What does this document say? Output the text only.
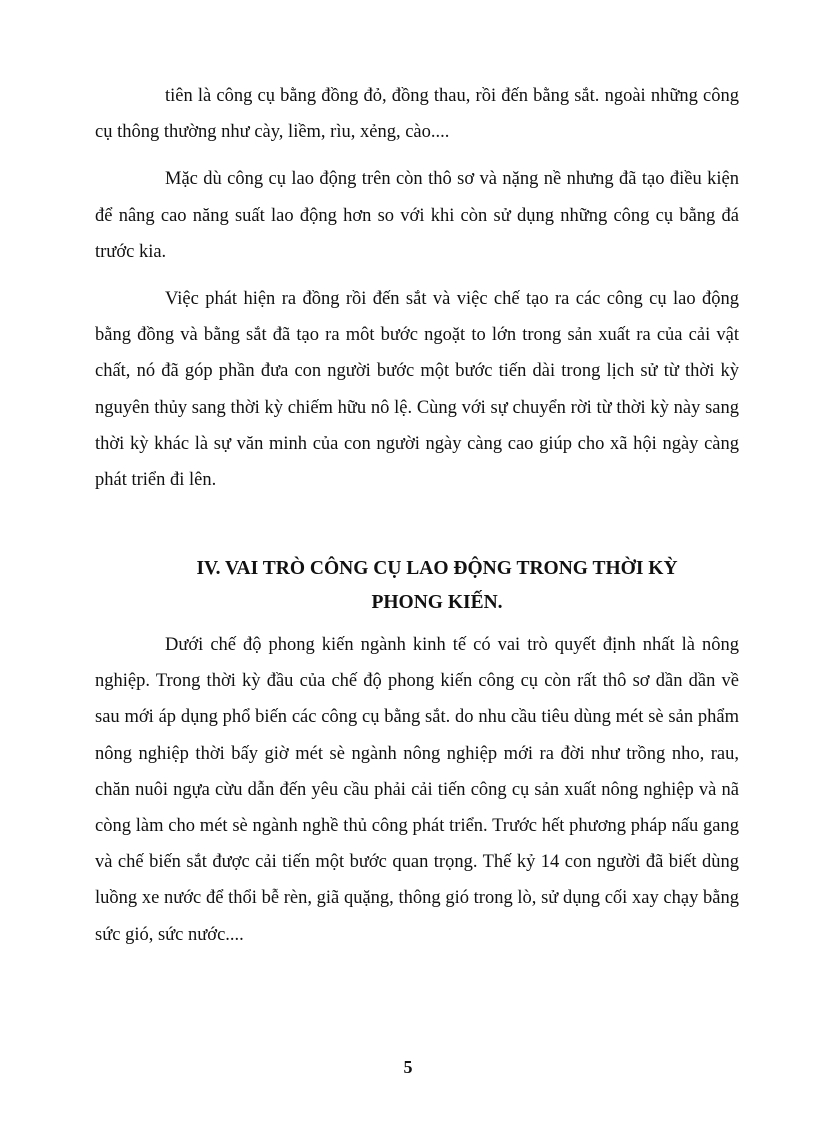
tiên là công cụ bằng đồng đỏ, đồng thau, rồi đến bằng sắt. ngoài những công cụ thông thường như cày, liềm, rìu, xẻng, cào....

Mặc dù công cụ lao động trên còn thô sơ và nặng nề nhưng đã tạo điều kiện để nâng cao năng suất lao động hơn so với khi còn sử dụng những công cụ bằng đá trước kia.

Việc phát hiện ra đồng rồi đến sắt và việc chế tạo ra các công cụ lao động bằng đồng và bằng sắt đã tạo ra môt bước ngoặt to lớn trong sản xuất ra của cải vật chất, nó đã góp phần đưa con người bước một bước tiến dài trong lịch sử từ thời kỳ nguyên thủy sang thời kỳ chiếm hữu nô lệ. Cùng với sự chuyển rời từ thời kỳ này sang thời kỳ khác là sự văn minh của con người ngày càng cao giúp cho xã hội ngày càng phát triển đi lên.

IV. VAI TRÒ CÔNG CỤ LAO ĐỘNG TRONG THỜI KỲ
PHONG KIẾN.

Dưới chế độ phong kiến ngành kinh tế có vai trò quyết định nhất là nông nghiệp. Trong thời kỳ đầu của chế độ phong kiến công cụ còn rất thô sơ dần dần về sau mới áp dụng phổ biến các công cụ bằng sắt. do nhu cầu tiêu dùng mét sè sản phẩm nông nghiệp thời bấy giờ mét sè ngành nông nghiệp mới ra đời như trồng nho, rau, chăn nuôi ngựa cừu dẫn đến yêu cầu phải cải tiến công cụ sản xuất nông nghiệp và nã còng làm cho mét sè ngành nghề thủ công phát triển. Trước hết phương pháp nấu gang và chế biến sắt được cải tiến một bước quan trọng. Thế kỷ 14 con người đã biết dùng luồng xe nước để thổi bễ rèn, giã quặng, thông gió trong lò, sử dụng cối xay chạy bằng sức gió, sức nước....

5
